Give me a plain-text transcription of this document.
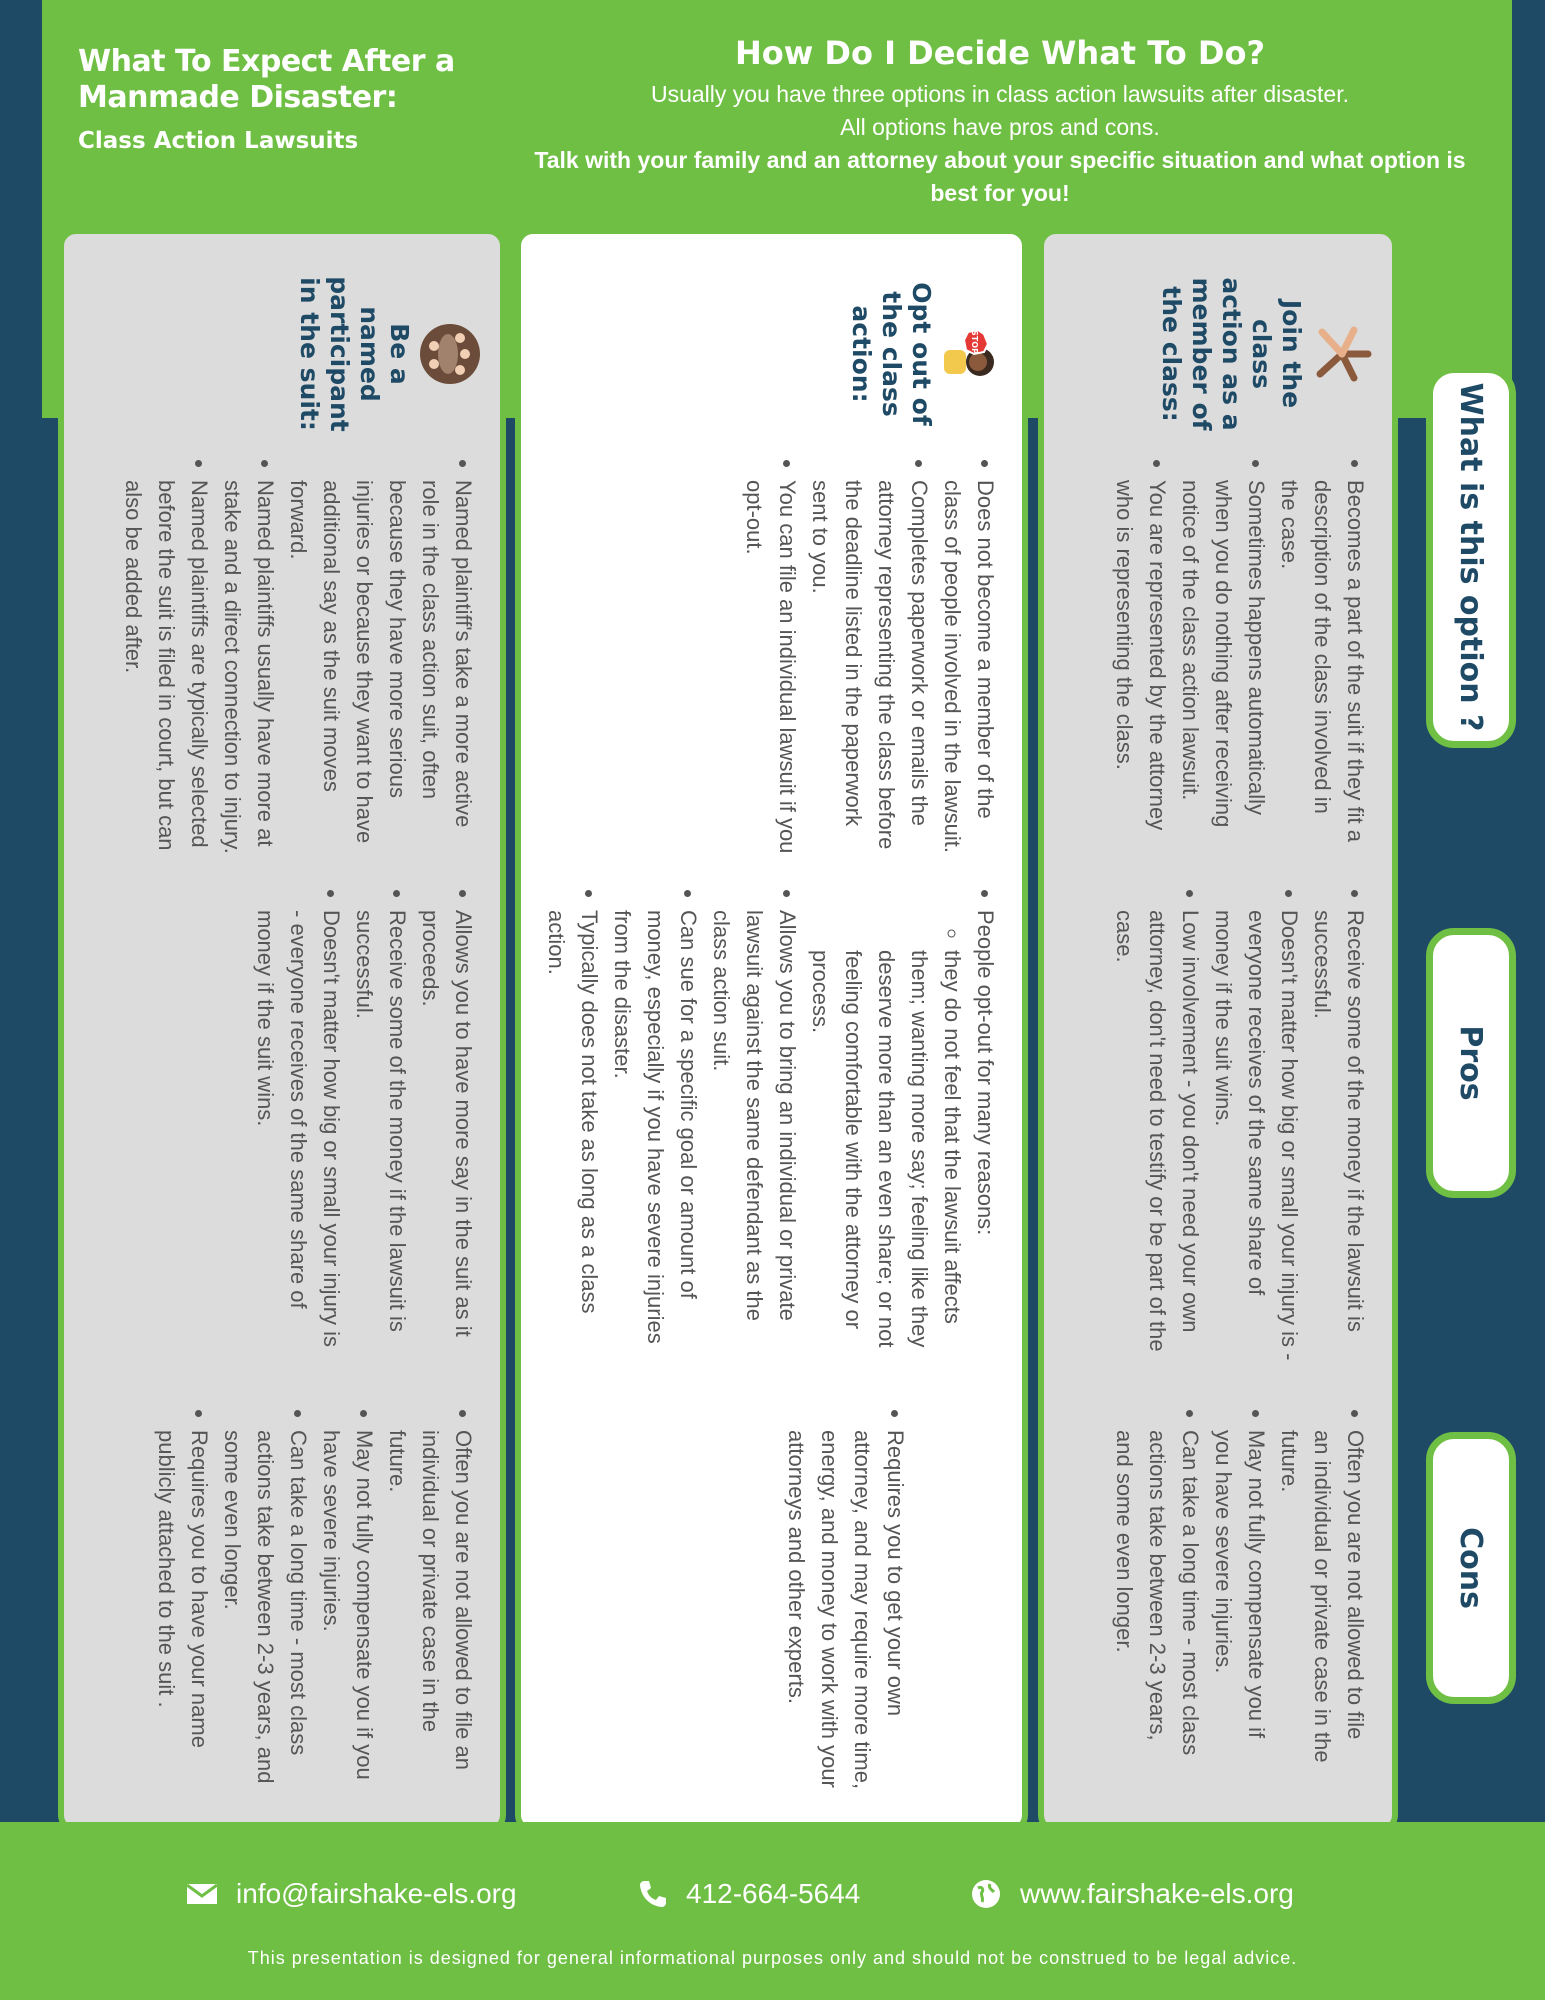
What To Expect After a Manmade Disaster:
Class Action Lawsuits
How Do I Decide What To Do?
Usually you have three options in class action lawsuits after disaster.
All options have pros and cons.
Talk with your family and an attorney about your specific situation and what option is best for you!
Join the class action as a member of the class:
• Becomes a part of the suit if they fit a description of the class involved in the case.
• Sometimes happens automatically when you do nothing after receiving notice of the class action lawsuit.
• You are represented by the attorney who is representing the class.
• Receive some of the money if the lawsuit is successful.
• Doesn't matter how big or small your injury is - everyone receives of the same share of money if the suit wins.
• Low involvement - you don't need your own attorney, don't need to testify or be part of the case.
• Often you are not allowed to file an individual or private case in the future.
• May not fully compensate you if you have severe injuries.
• Can take a long time - most class actions take between 2-3 years, and some even longer.
STOP
Opt out of the class action:
• Does not become a member of the class of people involved in the lawsuit.
• Completes paperwork or emails the attorney representing the class before the deadline listed in the paperwork sent to you.
• You can file an individual lawsuit if you opt-out.
• People opt-out for many reasons:
◦ they do not feel that the lawsuit affects them; wanting more say; feeling like they deserve more than an even share; or not feeling comfortable with the attorney or process.
• Allows you to bring an individual or private lawsuit against the same defendant as the class action suit.
• Can sue for a specific goal or amount of money, especially if you have severe injuries from the disaster.
• Typically does not take as long as a class action.
• Requires you to get your own attorney, and may require more time, energy, and money to work with your attorneys and other experts.
Be a named participant in the suit:
• Named plaintiff's take a more active role in the class action suit, often because they have more serious injuries or because they want to have additional say as the suit moves forward.
• Named plaintiffs usually have more at stake and a direct connection to injury.
• Named plaintiffs are typically selected before the suit is filed in court, but can also be added after.
• Allows you to have more say in the suit as it proceeds.
• Receive some of the money if the lawsuit is successful.
• Doesn't matter how big or small your injury is - everyone receives of the same share of money if the suit wins.
• Often you are not allowed to file an individual or private case in the future.
• May not fully compensate you if you have severe injuries.
• Can take a long time - most class actions take between 2-3 years, and some even longer.
• Requires you to have your name publicly attached to the suit .
What is this option ?
Pros
Cons
info@fairshake-els.org	412-664-5644	www.fairshake-els.org
This presentation is designed for general informational purposes only and should not be construed to be legal advice.
